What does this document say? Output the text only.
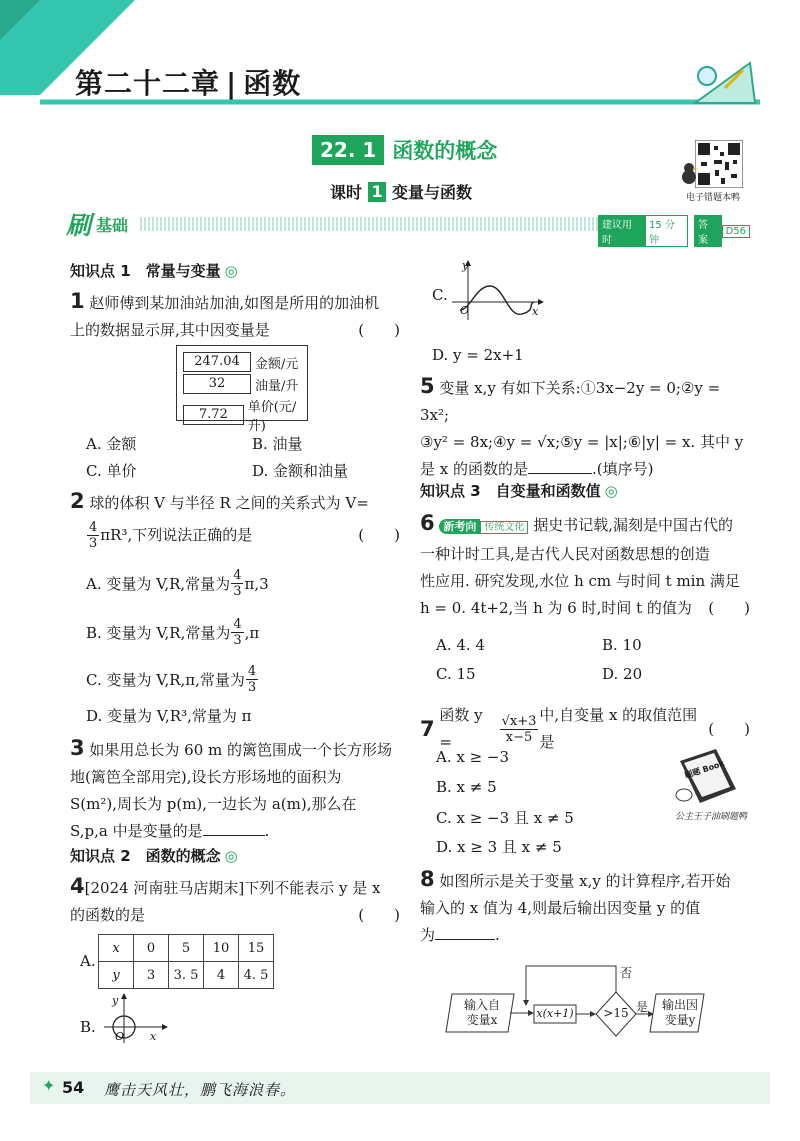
第二十二章 | 函数
22. 1 函数的概念
课时 1 变量与函数	电子错题本鸭
刷 基础	建议用时
15 分钟
答案
D56
知识点 1　常量与变量 ◎
1 赵师傅到某加油站加油,如图是所用的加油机
上的数据显示屏,其中因变量是	(　　)
247.04	金额/元
32	油量/升
7.72	单价(元/升)
A. 金额	B. 油量
C. 单价	D. 金额和油量
2 球的体积 V 与半径 R 之间的关系式为 V=
$\frac{4}{3} \pi R^3$,下列说法正确的是	(　　)
A. 变量为 V,R,常量为 $\frac{4}{3} \pi,3$
B. 变量为 V,R,常量为 $\frac{4}{3} ,\pi$
C. 变量为 V,R,π,常量为 $\frac{4}{3}$
D. 变量为 V,R³,常量为 π
3 如果用总长为 60 m 的篱笆围成一个长方形场
地(篱笆全部用完),设长方形场地的面积为
S(m²),周长为 p(m),一边长为 a(m),那么在
S,p,a 中是变量的是	.
知识点 2　函数的概念 ◎
4[2024 河南驻马店期末]下列不能表示 y 是 x
的函数的是	(　　)
A.
x	0	5	10	15
y	3	3. 5	4	4. 5
B.
y
x
O
C.
y
x
O
D. y = 2x+1
5 变量 x,y 有如下关系:①3x−2y = 0;②y = 3x²;
③y² = 8x;④y = √x;⑤y = |x|;⑥|y| = x. 其中 y
是 x 的函数的是	.(填序号)
知识点 3　自变量和函数值 ◎
6 新考向 传统文化 据史书记载,漏刻是中国古代的
一种计时工具,是古代人民对函数思想的创造
性应用. 研究发现,水位 h cm 与时间 t min 满足
h = 0. 4t+2,当 h 为 6 时,时间 t 的值为 (　　)
A. 4. 4	B. 10
C. 15	D. 20
7

函数 y =	$\frac{√x+3}{x-5}$ 中,自变量 x 的取值范围是
(　　)
A. x ≥ −3
B. x ≠ 5
C. x ≥ −3 且 x ≠ 5
D. x ≥ 3 且 x ≠ 5
刷题 Book
公主王子油刷题鸭
8 如图所示是关于变量 x,y 的计算程序,若开始
输入的 x 值为 4,则最后输出因变量 y 的值
为	.
输入自
变量x	x(x+1) >15 是
否
输出因
变量y
✦ 54 鹰击天风壮，鹏飞海浪春。
